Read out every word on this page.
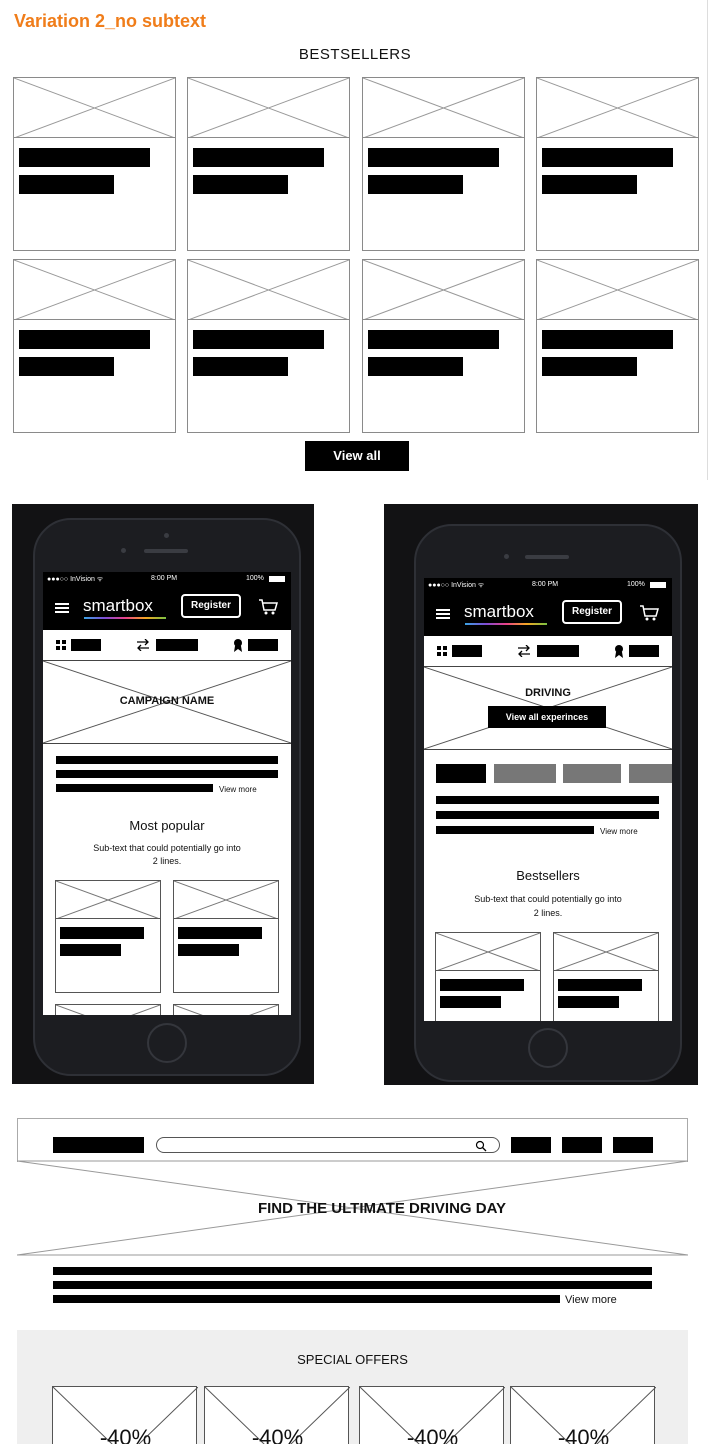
Variation 2_no subtext
BESTSELLERS
View all
●●●○○ InVision ᯤ	8:00 PM	100%
smartbox	Register
CAMPAIGN NAME
View more
Most popular
Sub-text that could potentially go into
2 lines.
●●●○○ InVision ᯤ	8:00 PM	100%
smartbox	Register
DRIVING
View all experinces
View more
Bestsellers
Sub-text that could potentially go into
2 lines.
FIND THE ULTIMATE DRIVING DAY
View more
SPECIAL OFFERS
-40%	-40%	-40%	-40%
